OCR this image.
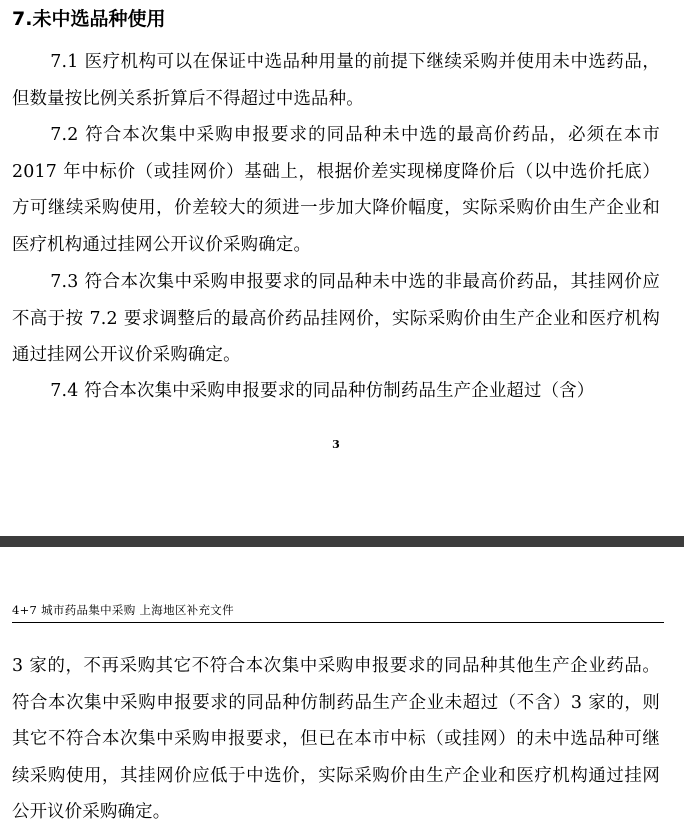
7.未中选品种使用

7.1 医疗机构可以在保证中选品种用量的前提下继续采购并使用未中选药品，但数量按比例关系折算后不得超过中选品种。

7.2 符合本次集中采购申报要求的同品种未中选的最高价药品，必须在本市 2017 年中标价（或挂网价）基础上，根据价差实现梯度降价后（以中选价托底）方可继续采购使用，价差较大的须进一步加大降价幅度，实际采购价由生产企业和医疗机构通过挂网公开议价采购确定。

7.3 符合本次集中采购申报要求的同品种未中选的非最高价药品，其挂网价应不高于按 7.2 要求调整后的最高价药品挂网价，实际采购价由生产企业和医疗机构通过挂网公开议价采购确定。

7.4 符合本次集中采购申报要求的同品种仿制药品生产企业超过（含）

3
4+7 城市药品集中采购 上海地区补充文件

3 家的，不再采购其它不符合本次集中采购申报要求的同品种其他生产企业药品。符合本次集中采购申报要求的同品种仿制药品生产企业未超过（不含）3 家的，则其它不符合本次集中采购申报要求，但已在本市中标（或挂网）的未中选品种可继续采购使用，其挂网价应低于中选价，实际采购价由生产企业和医疗机构通过挂网公开议价采购确定。
